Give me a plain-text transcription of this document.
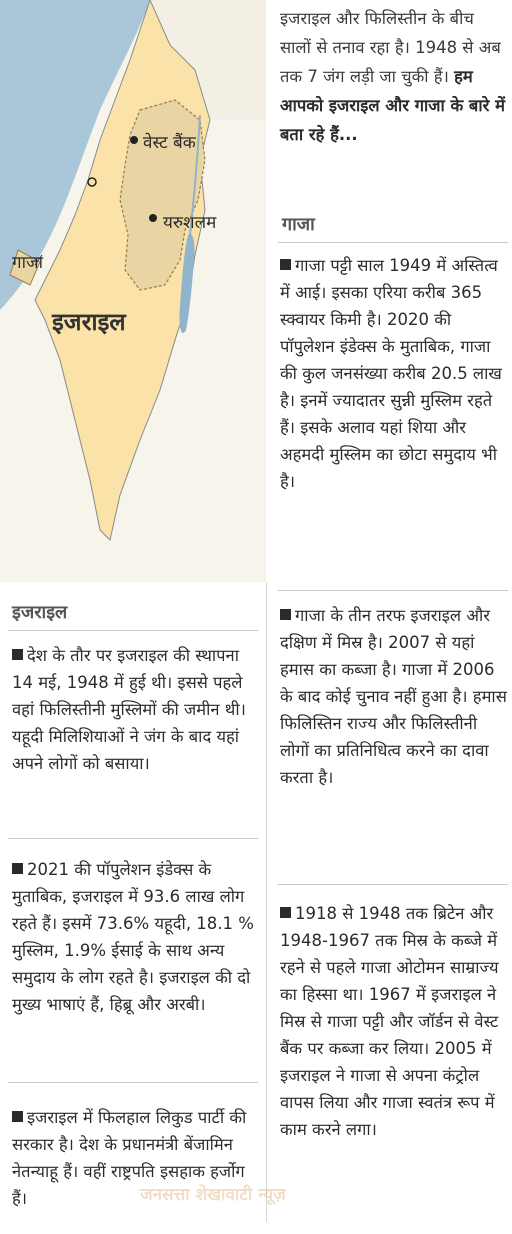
वेस्ट बैंक
यरुशलम
गाजा
इजराइल
इजराइल और फिलिस्तीन के बीच सालों से तनाव रहा है। 1948 से अब तक 7 जंग लड़ी जा चुकी हैं। हम आपको इजराइल और गाजा के बारे में बता रहे हैं...
गाजा
गाजा पट्टी साल 1949 में अस्तित्व में आई। इसका एरिया करीब 365 स्क्वायर किमी है। 2020 की पॉपुलेशन इंडेक्स के मुताबिक, गाजा की कुल जनसंख्या करीब 20.5 लाख है। इनमें ज्यादातर सुन्नी मुस्लिम रहते हैं। इसके अलाव यहां शिया और अहमदी मुस्लिम का छोटा समुदाय भी है।
गाजा के तीन तरफ इजराइल और दक्षिण में मिस्र है। 2007 से यहां हमास का कब्जा है। गाजा में 2006 के बाद कोई चुनाव नहीं हुआ है। हमास फिलिस्तिन राज्य और फिलिस्तीनी लोगों का प्रतिनिधित्व करने का दावा करता है।
1918 से 1948 तक ब्रिटेन और 1948-1967 तक मिस्र के कब्जे में रहने से पहले गाजा ओटोमन साम्राज्य का हिस्सा था। 1967 में इजराइल ने मिस्र से गाजा पट्टी और जॉर्डन से वेस्ट बैंक पर कब्जा कर लिया। 2005 में इजराइल ने गाजा से अपना कंट्रोल वापस लिया और गाजा स्वतंत्र रूप में काम करने लगा।
इजराइल
देश के तौर पर इजराइल की स्थापना 14 मई, 1948 में हुई थी। इससे पहले वहां फिलिस्तीनी मुस्लिमों की जमीन थी। यहूदी मिलिशियाओं ने जंग के बाद यहां अपने लोगों को बसाया।
2021 की पॉपुलेशन इंडेक्स के मुताबिक, इजराइल में 93.6 लाख लोग रहते हैं। इसमें 73.6% यहूदी, 18.1 % मुस्लिम, 1.9% ईसाई के साथ अन्य समुदाय के लोग रहते है। इजराइल की दो मुख्य भाषाएं हैं, हिब्रू और अरबी।
इजराइल में फिलहाल लिकुड पार्टी की सरकार है। देश के प्रधानमंत्री बेंजामिन नेतन्याहू हैं। वहीं राष्ट्रपति इसहाक हर्जोग हैं।	जनसत्ता शेखावाटी न्यूज़
